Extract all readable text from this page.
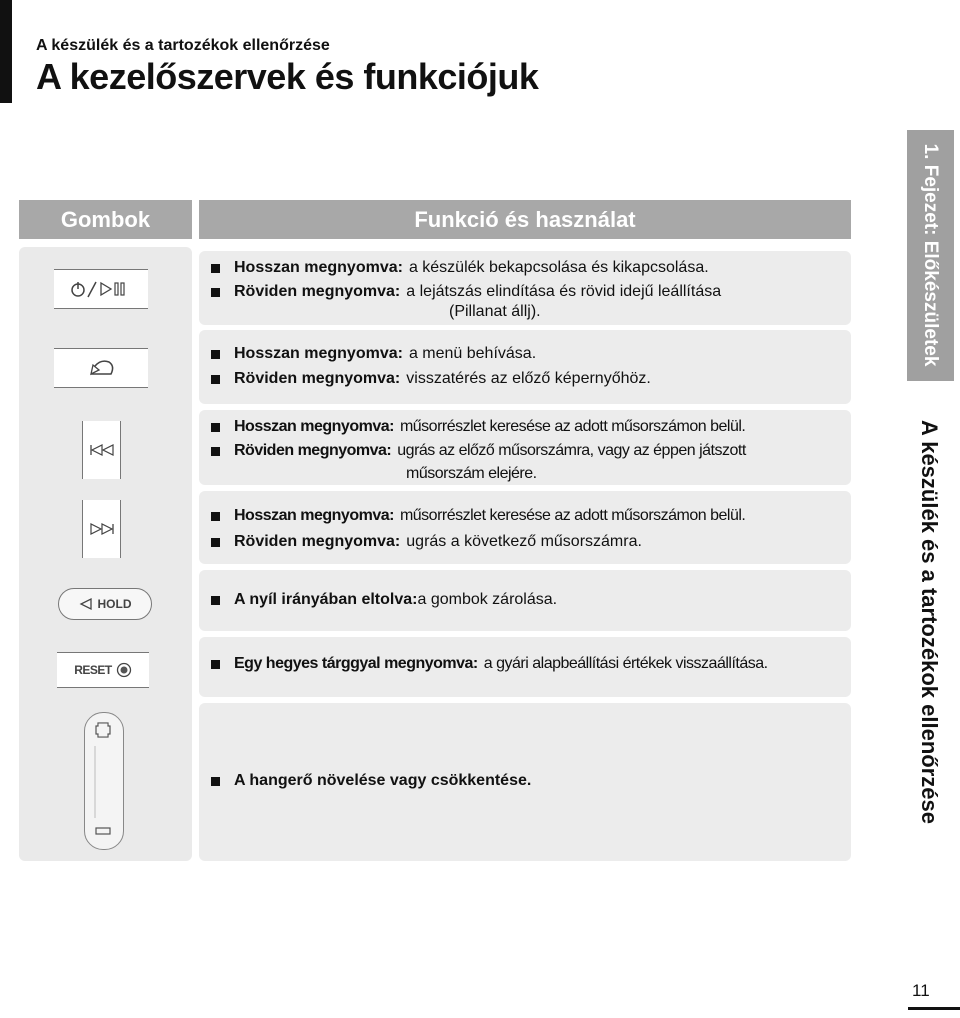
A készülék és a tartozékok ellenőrzése
A kezelőszervek és funkciójuk
Gombok	Funkció és használat
HOLD
RESET
Hosszan megnyomva: a készülék bekapcsolása és kikapcsolása.
Röviden megnyomva: a lejátszás elindítása és rövid idejű leállítása
(Pillanat állj).
Hosszan megnyomva: a menü behívása.
Röviden megnyomva: visszatérés az előző képernyőhöz.
Hosszan megnyomva: műsorrészlet keresése az adott műsorszámon belül.
Röviden megnyomva: ugrás az előző műsorszámra, vagy az éppen játszott
műsorszám elejére.
Hosszan megnyomva: műsorrészlet keresése az adott műsorszámon belül.
Röviden megnyomva: ugrás a következő műsorszámra.
A nyíl irányában eltolva: a gombok zárolása.
Egy hegyes tárggyal megnyomva: a gyári alapbeállítási értékek visszaállítása.
A hangerő növelése vagy csökkentése.
1. Fejezet: Előkészületek
A készülék és a tartozékok ellenőrzése
11
